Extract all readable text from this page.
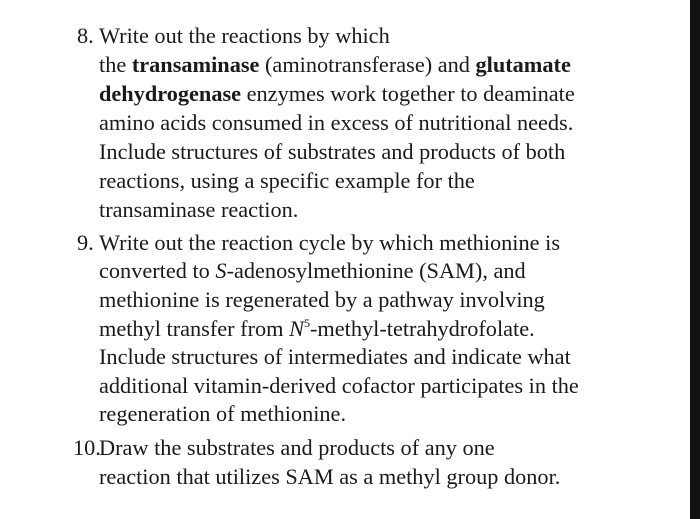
8. Write out the reactions by which
the transaminase (aminotransferase) and glutamate
dehydrogenase enzymes work together to deaminate
amino acids consumed in excess of nutritional needs.
Include structures of substrates and products of both
reactions, using a specific example for the
transaminase reaction.
9. Write out the reaction cycle by which methionine is
converted to S-adenosylmethionine (SAM), and
methionine is regenerated by a pathway involving
methyl transfer from $N^5-methyl$-tetrahydrofolate.
Include structures of intermediates and indicate what
additional vitamin-derived cofactor participates in the
regeneration of methionine.
10.
Draw the substrates and products of any one
reaction that utilizes SAM as a methyl group donor.
